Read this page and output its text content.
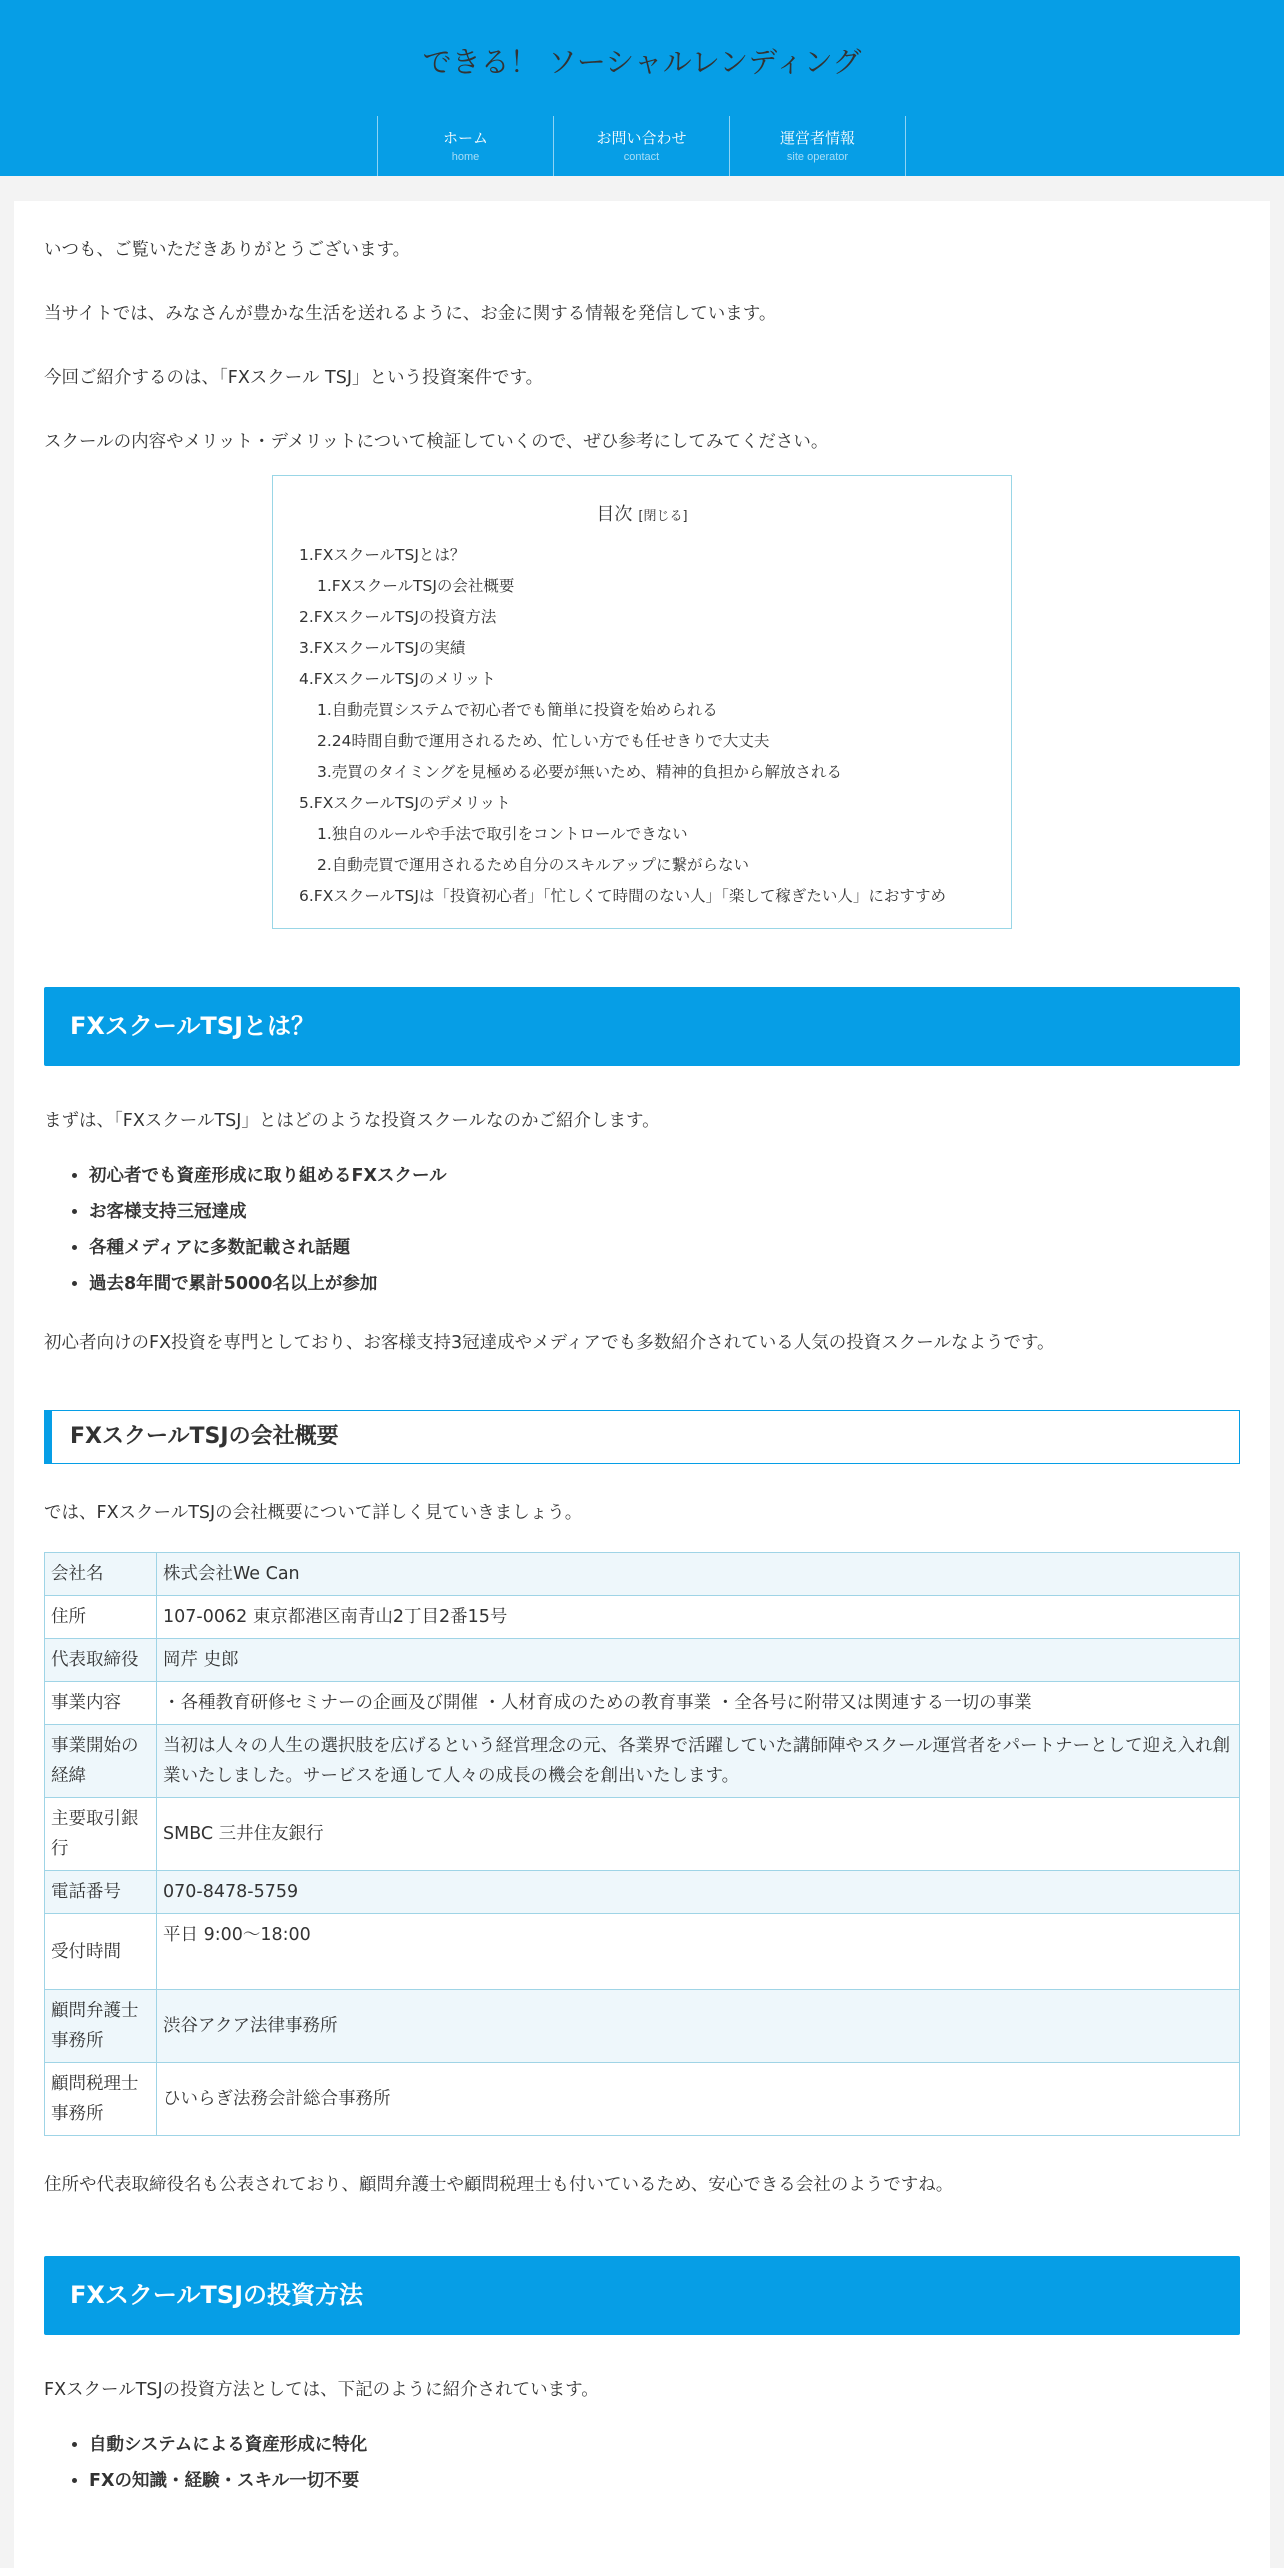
できる！ ソーシャルレンディング
ホーム
home
お問い合わせ
contact
運営者情報
site operator

いつも、ご覧いただきありがとうございます。

当サイトでは、みなさんが豊かな生活を送れるように、お金に関する情報を発信しています。

今回ご紹介するのは、「FXスクール TSJ」という投資案件です。

スクールの内容やメリット・デメリットについて検証していくので、ぜひ参考にしてみてください。

目次 [閉じる]
1.FXスクールTSJとは？
1.FXスクールTSJの会社概要
2.FXスクールTSJの投資方法
3.FXスクールTSJの実績
4.FXスクールTSJのメリット
1.自動売買システムで初心者でも簡単に投資を始められる
2.24時間自動で運用されるため、忙しい方でも任せきりで大丈夫
3.売買のタイミングを見極める必要が無いため、精神的負担から解放される
5.FXスクールTSJのデメリット
1.独自のルールや手法で取引をコントロールできない
2.自動売買で運用されるため自分のスキルアップに繋がらない
6.FXスクールTSJは「投資初心者」「忙しくて時間のない人」「楽して稼ぎたい人」におすすめ
FXスクールTSJとは？

まずは、「FXスクールTSJ」とはどのような投資スクールなのかご紹介します。

• 初心者でも資産形成に取り組めるFXスクール
• お客様支持三冠達成
• 各種メディアに多数記載され話題
• 過去8年間で累計5000名以上が参加

初心者向けのFX投資を専門としており、お客様支持3冠達成やメディアでも多数紹介されている人気の投資スクールなようです。

FXスクールTSJの会社概要

では、FXスクールTSJの会社概要について詳しく見ていきましょう。

会社名	株式会社We Can
住所	107-0062 東京都港区南青山2丁目2番15号
代表取締役	岡芹 史郎
事業内容	・各種教育研修セミナーの企画及び開催 ・人材育成のための教育事業 ・全各号に附帯又は関連する一切の事業
事業開始の経緯	当初は人々の人生の選択肢を広げるという経営理念の元、各業界で活躍していた講師陣やスクール運営者をパートナーとして迎え入れ創業いたしました。サービスを通して人々の成長の機会を創出いたします。
主要取引銀行	SMBC 三井住友銀行
電話番号	070-8478-5759
受付時間	平日 9:00〜18:00
顧問弁護士事務所	渋谷アクア法律事務所
顧問税理士事務所	ひいらぎ法務会計総合事務所

住所や代表取締役名も公表されており、顧問弁護士や顧問税理士も付いているため、安心できる会社のようですね。

FXスクールTSJの投資方法

FXスクールTSJの投資方法としては、下記のように紹介されています。

• 自動システムによる資産形成に特化
• FXの知識・経験・スキル一切不要
